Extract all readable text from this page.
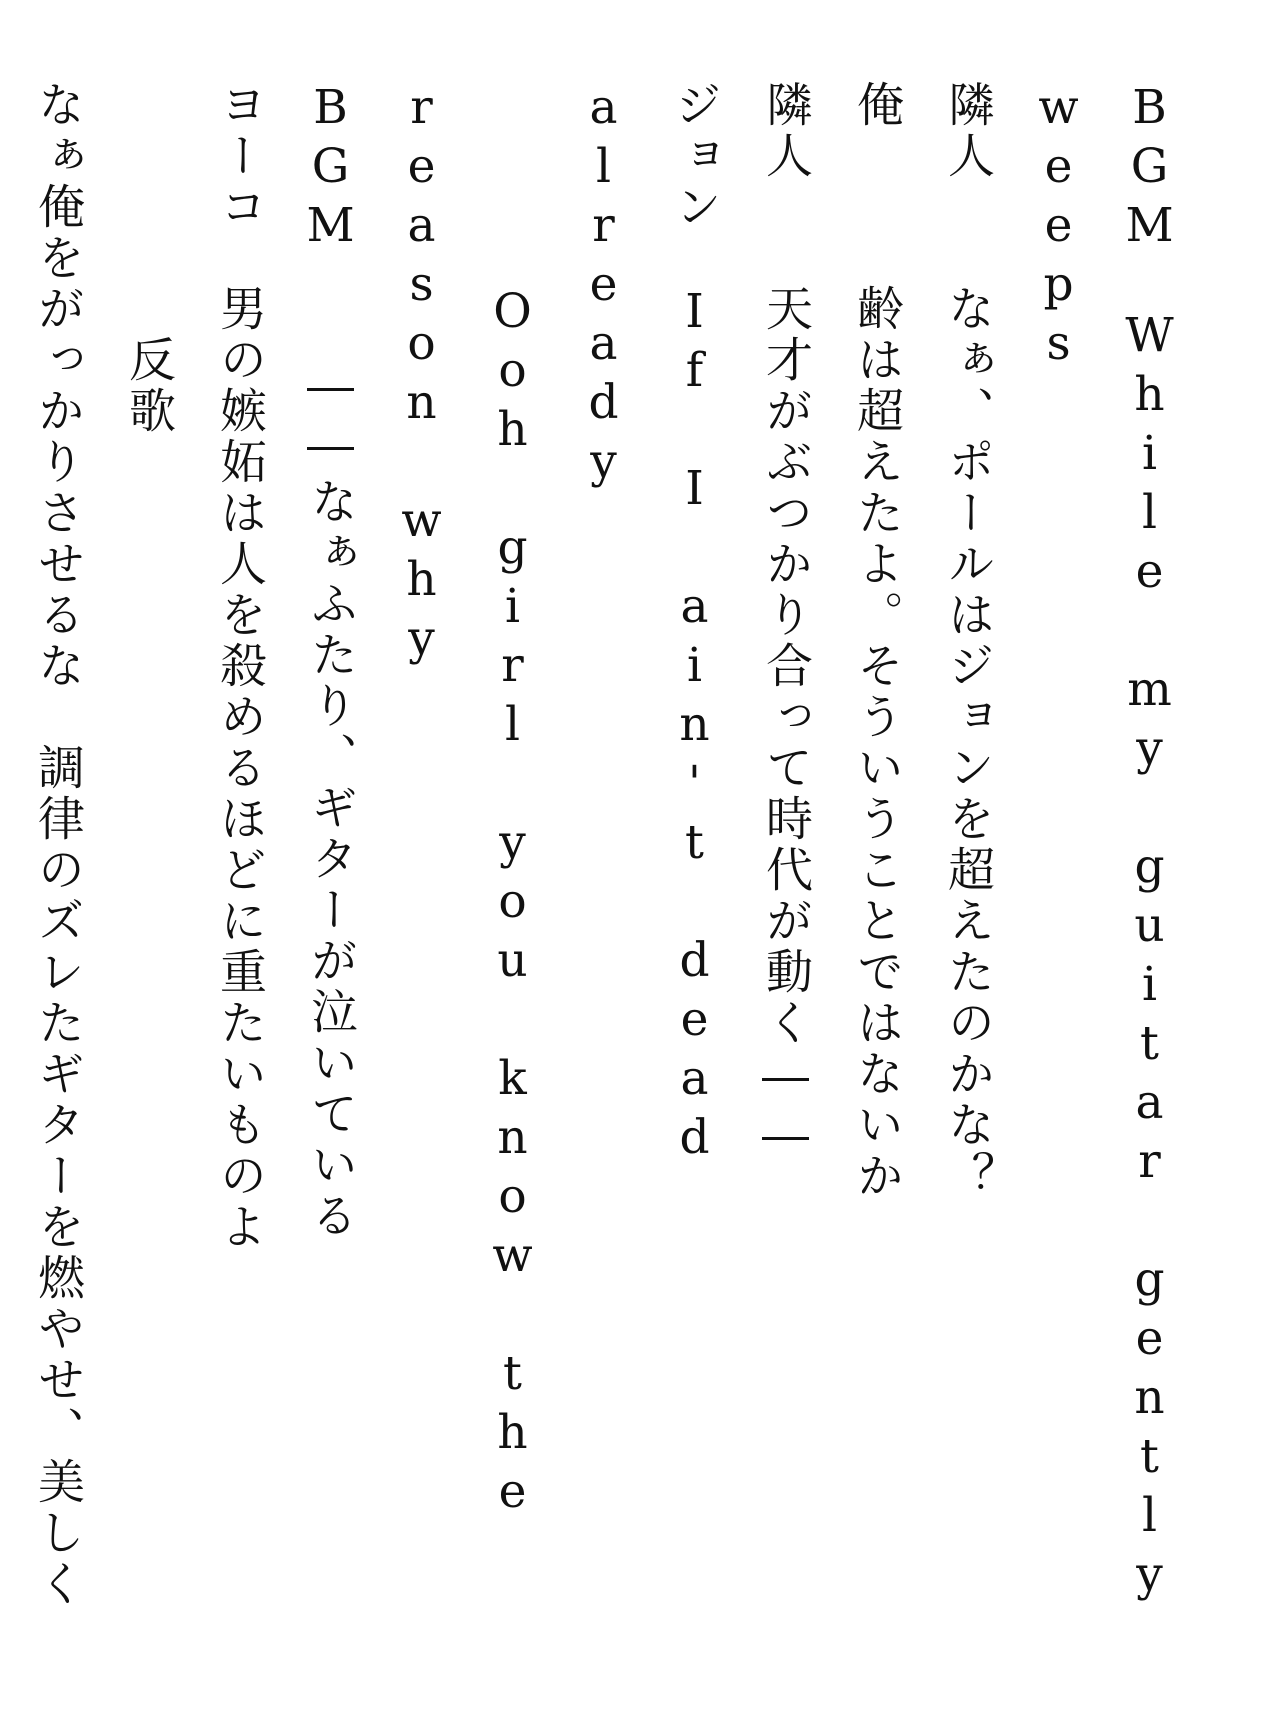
BGM　While my guitar gently weeps

隣人　　なぁ、ポールはジョンを超えたのかな？

俺　　　齢は超えたよ。そういうことではないか

隣人　　天才がぶつかり合って時代が動く――

ジョン　If I ain't dead already

　　　　Ooh girl you know the reason why

BGM　　――なぁふたり、ギターが泣いている

ヨーコ　男の嫉妬は人を殺めるほどに重たいものよ

　　　　　反歌

なぁ俺をがっかりさせるな　調律のズレたギターを燃やせ、美しく
